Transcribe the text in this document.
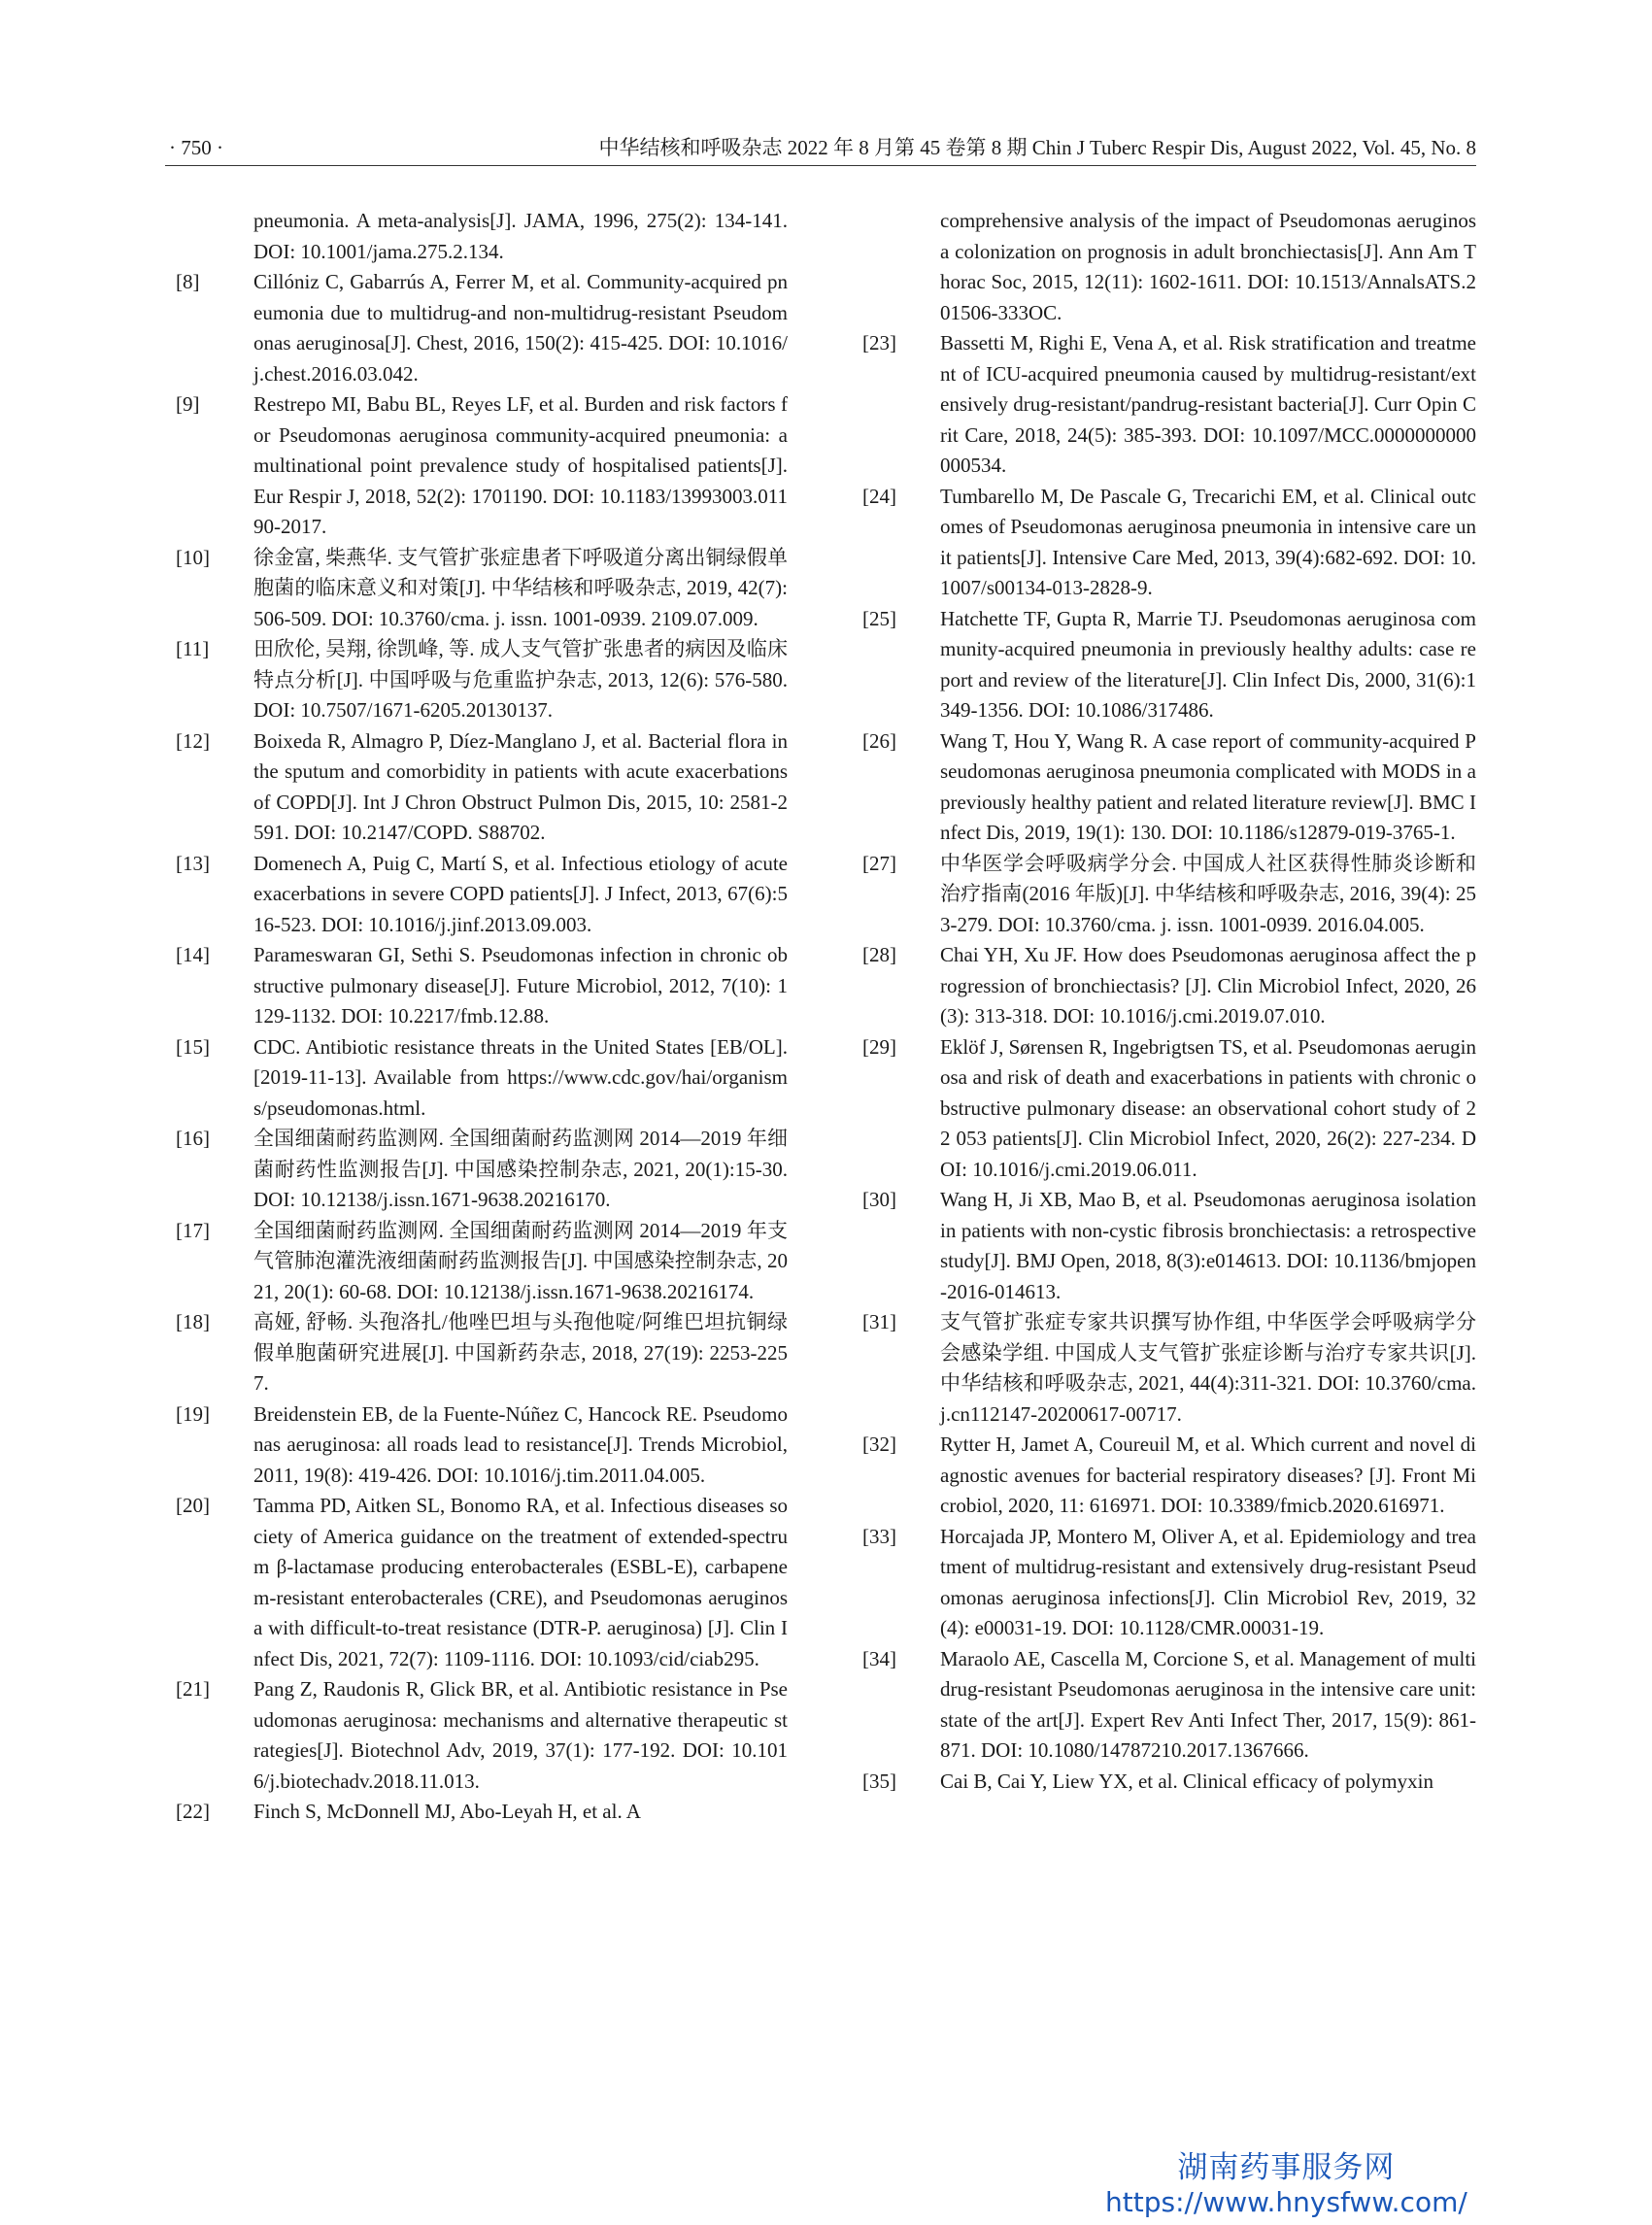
· 750 ·	中华结核和呼吸杂志 2022 年 8 月第 45 卷第 8 期 Chin J Tuberc Respir Dis, August 2022, Vol. 45, No. 8
pneumonia. A meta-analysis[J]. JAMA, 1996, 275(2): 134-141. DOI: 10.1001/jama.275.2.134.
[8]	Cillóniz C, Gabarrús A, Ferrer M, et al. Community-acquired pneumonia due to multidrug-and non-multidrug-resistant Pseudomonas aeruginosa[J]. Chest, 2016, 150(2): 415-425. DOI: 10.1016/j.chest.2016.03.042.
[9]	Restrepo MI, Babu BL, Reyes LF, et al. Burden and risk factors for Pseudomonas aeruginosa community-acquired pneumonia: a multinational point prevalence study of hospitalised patients[J]. Eur Respir J, 2018, 52(2): 1701190. DOI: 10.1183/13993003.01190-2017.
[10]	徐金富, 柴燕华. 支气管扩张症患者下呼吸道分离出铜绿假单胞菌的临床意义和对策[J]. 中华结核和呼吸杂志, 2019, 42(7): 506-509. DOI: 10.3760/cma. j. issn. 1001-0939. 2109.07.009.
[11]	田欣伦, 吴翔, 徐凯峰, 等. 成人支气管扩张患者的病因及临床特点分析[J]. 中国呼吸与危重监护杂志, 2013, 12(6): 576-580. DOI: 10.7507/1671-6205.20130137.
[12]	Boixeda R, Almagro P, Díez-Manglano J, et al. Bacterial flora in the sputum and comorbidity in patients with acute exacerbations of COPD[J]. Int J Chron Obstruct Pulmon Dis, 2015, 10: 2581-2591. DOI: 10.2147/COPD. S88702.
[13]	Domenech A, Puig C, Martí S, et al. Infectious etiology of acute exacerbations in severe COPD patients[J]. J Infect, 2013, 67(6):516-523. DOI: 10.1016/j.jinf.2013.09.003.
[14]	Parameswaran GI, Sethi S. Pseudomonas infection in chronic obstructive pulmonary disease[J]. Future Microbiol, 2012, 7(10): 1129-1132. DOI: 10.2217/fmb.12.88.
[15]	CDC. Antibiotic resistance threats in the United States [EB/OL]. [2019-11-13]. Available from https://www.cdc.gov/hai/organisms/pseudomonas.html.
[16]	全国细菌耐药监测网. 全国细菌耐药监测网 2014—2019 年细菌耐药性监测报告[J]. 中国感染控制杂志, 2021, 20(1):15-30. DOI: 10.12138/j.issn.1671-9638.20216170.
[17]	全国细菌耐药监测网. 全国细菌耐药监测网 2014—2019 年支气管肺泡灌洗液细菌耐药监测报告[J]. 中国感染控制杂志, 2021, 20(1): 60-68. DOI: 10.12138/j.issn.1671-9638.20216174.
[18]	高娅, 舒畅. 头孢洛扎/他唑巴坦与头孢他啶/阿维巴坦抗铜绿假单胞菌研究进展[J]. 中国新药杂志, 2018, 27(19): 2253-2257.
[19]	Breidenstein EB, de la Fuente-Núñez C, Hancock RE. Pseudomonas aeruginosa: all roads lead to resistance[J]. Trends Microbiol, 2011, 19(8): 419-426. DOI: 10.1016/j.tim.2011.04.005.
[20]	Tamma PD, Aitken SL, Bonomo RA, et al. Infectious diseases society of America guidance on the treatment of extended-spectrum β-lactamase producing enterobacterales (ESBL-E), carbapenem-resistant enterobacterales (CRE), and Pseudomonas aeruginosa with difficult-to-treat resistance (DTR-P. aeruginosa) [J]. Clin Infect Dis, 2021, 72(7): 1109-1116. DOI: 10.1093/cid/ciab295.
[21]	Pang Z, Raudonis R, Glick BR, et al. Antibiotic resistance in Pseudomonas aeruginosa: mechanisms and alternative therapeutic strategies[J]. Biotechnol Adv, 2019, 37(1): 177-192. DOI: 10.1016/j.biotechadv.2018.11.013.
[22]	Finch S, McDonnell MJ, Abo-Leyah H, et al. A
comprehensive analysis of the impact of Pseudomonas aeruginosa colonization on prognosis in adult bronchiectasis[J]. Ann Am Thorac Soc, 2015, 12(11): 1602-1611. DOI: 10.1513/AnnalsATS.201506-333OC.
[23]	Bassetti M, Righi E, Vena A, et al. Risk stratification and treatment of ICU-acquired pneumonia caused by multidrug-resistant/extensively drug-resistant/pandrug-resistant bacteria[J]. Curr Opin Crit Care, 2018, 24(5): 385-393. DOI: 10.1097/MCC.0000000000000534.
[24]	Tumbarello M, De Pascale G, Trecarichi EM, et al. Clinical outcomes of Pseudomonas aeruginosa pneumonia in intensive care unit patients[J]. Intensive Care Med, 2013, 39(4):682-692. DOI: 10.1007/s00134-013-2828-9.
[25]	Hatchette TF, Gupta R, Marrie TJ. Pseudomonas aeruginosa community-acquired pneumonia in previously healthy adults: case report and review of the literature[J]. Clin Infect Dis, 2000, 31(6):1349-1356. DOI: 10.1086/317486.
[26]	Wang T, Hou Y, Wang R. A case report of community-acquired Pseudomonas aeruginosa pneumonia complicated with MODS in a previously healthy patient and related literature review[J]. BMC Infect Dis, 2019, 19(1): 130. DOI: 10.1186/s12879-019-3765-1.
[27]	中华医学会呼吸病学分会. 中国成人社区获得性肺炎诊断和治疗指南(2016 年版)[J]. 中华结核和呼吸杂志, 2016, 39(4): 253-279. DOI: 10.3760/cma. j. issn. 1001-0939. 2016.04.005.
[28]	Chai YH, Xu JF. How does Pseudomonas aeruginosa affect the progression of bronchiectasis? [J]. Clin Microbiol Infect, 2020, 26(3): 313-318. DOI: 10.1016/j.cmi.2019.07.010.
[29]	Eklöf J, Sørensen R, Ingebrigtsen TS, et al. Pseudomonas aeruginosa and risk of death and exacerbations in patients with chronic obstructive pulmonary disease: an observational cohort study of 22 053 patients[J]. Clin Microbiol Infect, 2020, 26(2): 227-234. DOI: 10.1016/j.cmi.2019.06.011.
[30]	Wang H, Ji XB, Mao B, et al. Pseudomonas aeruginosa isolation in patients with non-cystic fibrosis bronchiectasis: a retrospective study[J]. BMJ Open, 2018, 8(3):e014613. DOI: 10.1136/bmjopen-2016-014613.
[31]	支气管扩张症专家共识撰写协作组, 中华医学会呼吸病学分会感染学组. 中国成人支气管扩张症诊断与治疗专家共识[J]. 中华结核和呼吸杂志, 2021, 44(4):311-321. DOI: 10.3760/cma.j.cn112147-20200617-00717.
[32]	Rytter H, Jamet A, Coureuil M, et al. Which current and novel diagnostic avenues for bacterial respiratory diseases? [J]. Front Microbiol, 2020, 11: 616971. DOI: 10.3389/fmicb.2020.616971.
[33]	Horcajada JP, Montero M, Oliver A, et al. Epidemiology and treatment of multidrug-resistant and extensively drug-resistant Pseudomonas aeruginosa infections[J]. Clin Microbiol Rev, 2019, 32(4): e00031-19. DOI: 10.1128/CMR.00031-19.
[34]	Maraolo AE, Cascella M, Corcione S, et al. Management of multidrug-resistant Pseudomonas aeruginosa in the intensive care unit: state of the art[J]. Expert Rev Anti Infect Ther, 2017, 15(9): 861-871. DOI: 10.1080/14787210.2017.1367666.
[35]	Cai B, Cai Y, Liew YX, et al. Clinical efficacy of polymyxin
湖南药事服务网
https://www.hnysfww.com/
